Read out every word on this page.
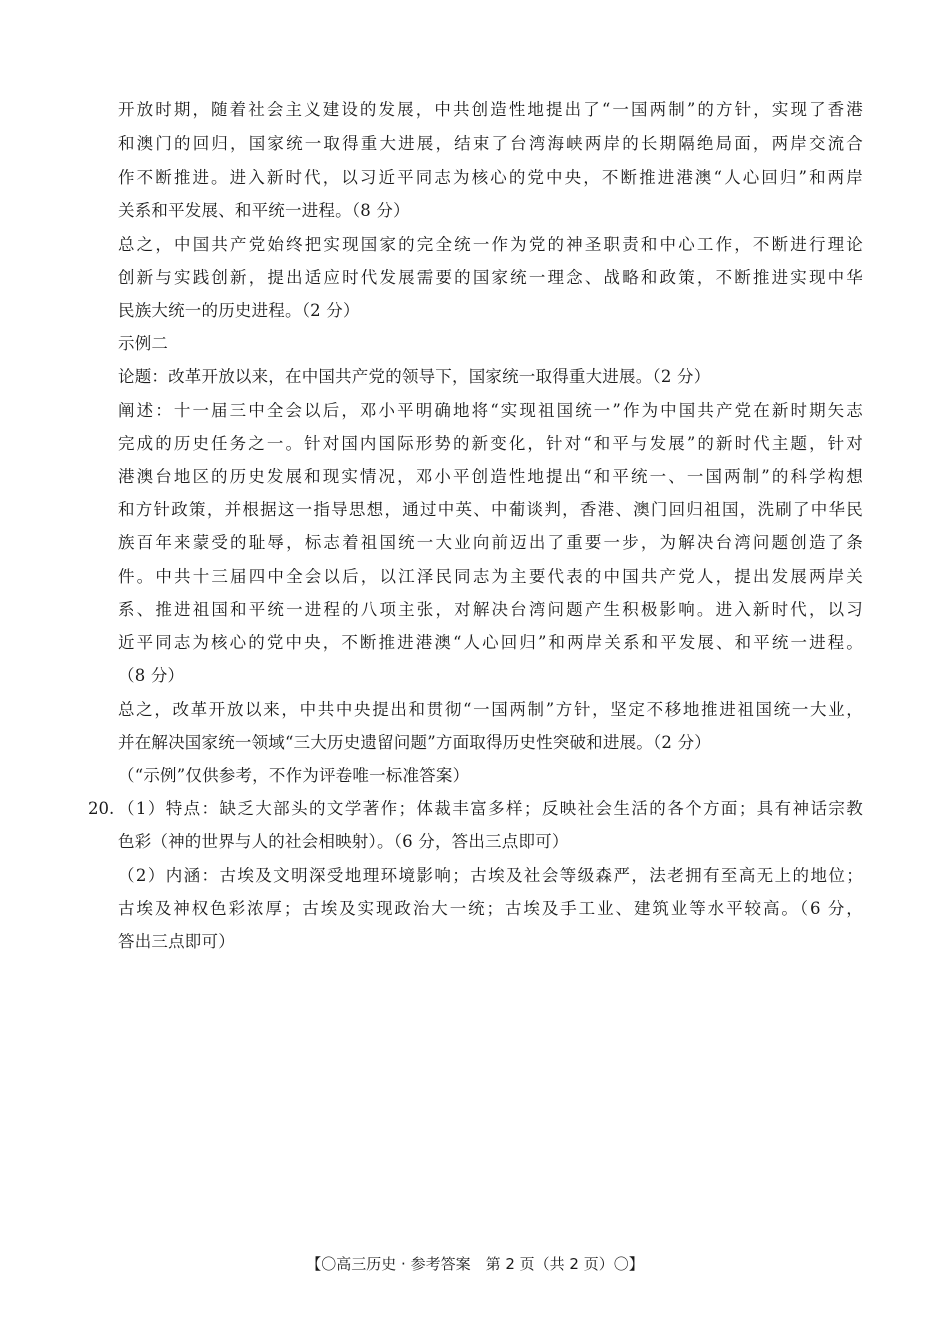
开放时期，随着社会主义建设的发展，中共创造性地提出了“一国两制”的方针，实现了香港
和澳门的回归，国家统一取得重大进展，结束了台湾海峡两岸的长期隔绝局面，两岸交流合
作不断推进。进入新时代，以习近平同志为核心的党中央，不断推进港澳“人心回归”和两岸
关系和平发展、和平统一进程。（8 分）
总之，中国共产党始终把实现国家的完全统一作为党的神圣职责和中心工作，不断进行理论
创新与实践创新，提出适应时代发展需要的国家统一理念、战略和政策，不断推进实现中华
民族大统一的历史进程。（2 分）
示例二
论题：改革开放以来，在中国共产党的领导下，国家统一取得重大进展。（2 分）
阐述：十一届三中全会以后，邓小平明确地将“实现祖国统一”作为中国共产党在新时期矢志
完成的历史任务之一。针对国内国际形势的新变化，针对“和平与发展”的新时代主题，针对
港澳台地区的历史发展和现实情况，邓小平创造性地提出“和平统一、一国两制”的科学构想
和方针政策，并根据这一指导思想，通过中英、中葡谈判，香港、澳门回归祖国，洗刷了中华民
族百年来蒙受的耻辱，标志着祖国统一大业向前迈出了重要一步，为解决台湾问题创造了条
件。中共十三届四中全会以后，以江泽民同志为主要代表的中国共产党人，提出发展两岸关
系、推进祖国和平统一进程的八项主张，对解决台湾问题产生积极影响。进入新时代，以习
近平同志为核心的党中央，不断推进港澳“人心回归”和两岸关系和平发展、和平统一进程。
（8 分）
总之，改革开放以来，中共中央提出和贯彻“一国两制”方针，坚定不移地推进祖国统一大业，
并在解决国家统一领域“三大历史遗留问题”方面取得历史性突破和进展。（2 分）
（“示例”仅供参考，不作为评卷唯一标准答案）
20. （1）特点：缺乏大部头的文学著作；体裁丰富多样；反映社会生活的各个方面；具有神话宗教
色彩（神的世界与人的社会相映射）。（6 分，答出三点即可）
（2）内涵：古埃及文明深受地理环境影响；古埃及社会等级森严，法老拥有至高无上的地位；
古埃及神权色彩浓厚；古埃及实现政治大一统；古埃及手工业、建筑业等水平较高。（6 分，
答出三点即可）
【〇高三历史 · 参考答案　第 2 页（共 2 页）〇】
